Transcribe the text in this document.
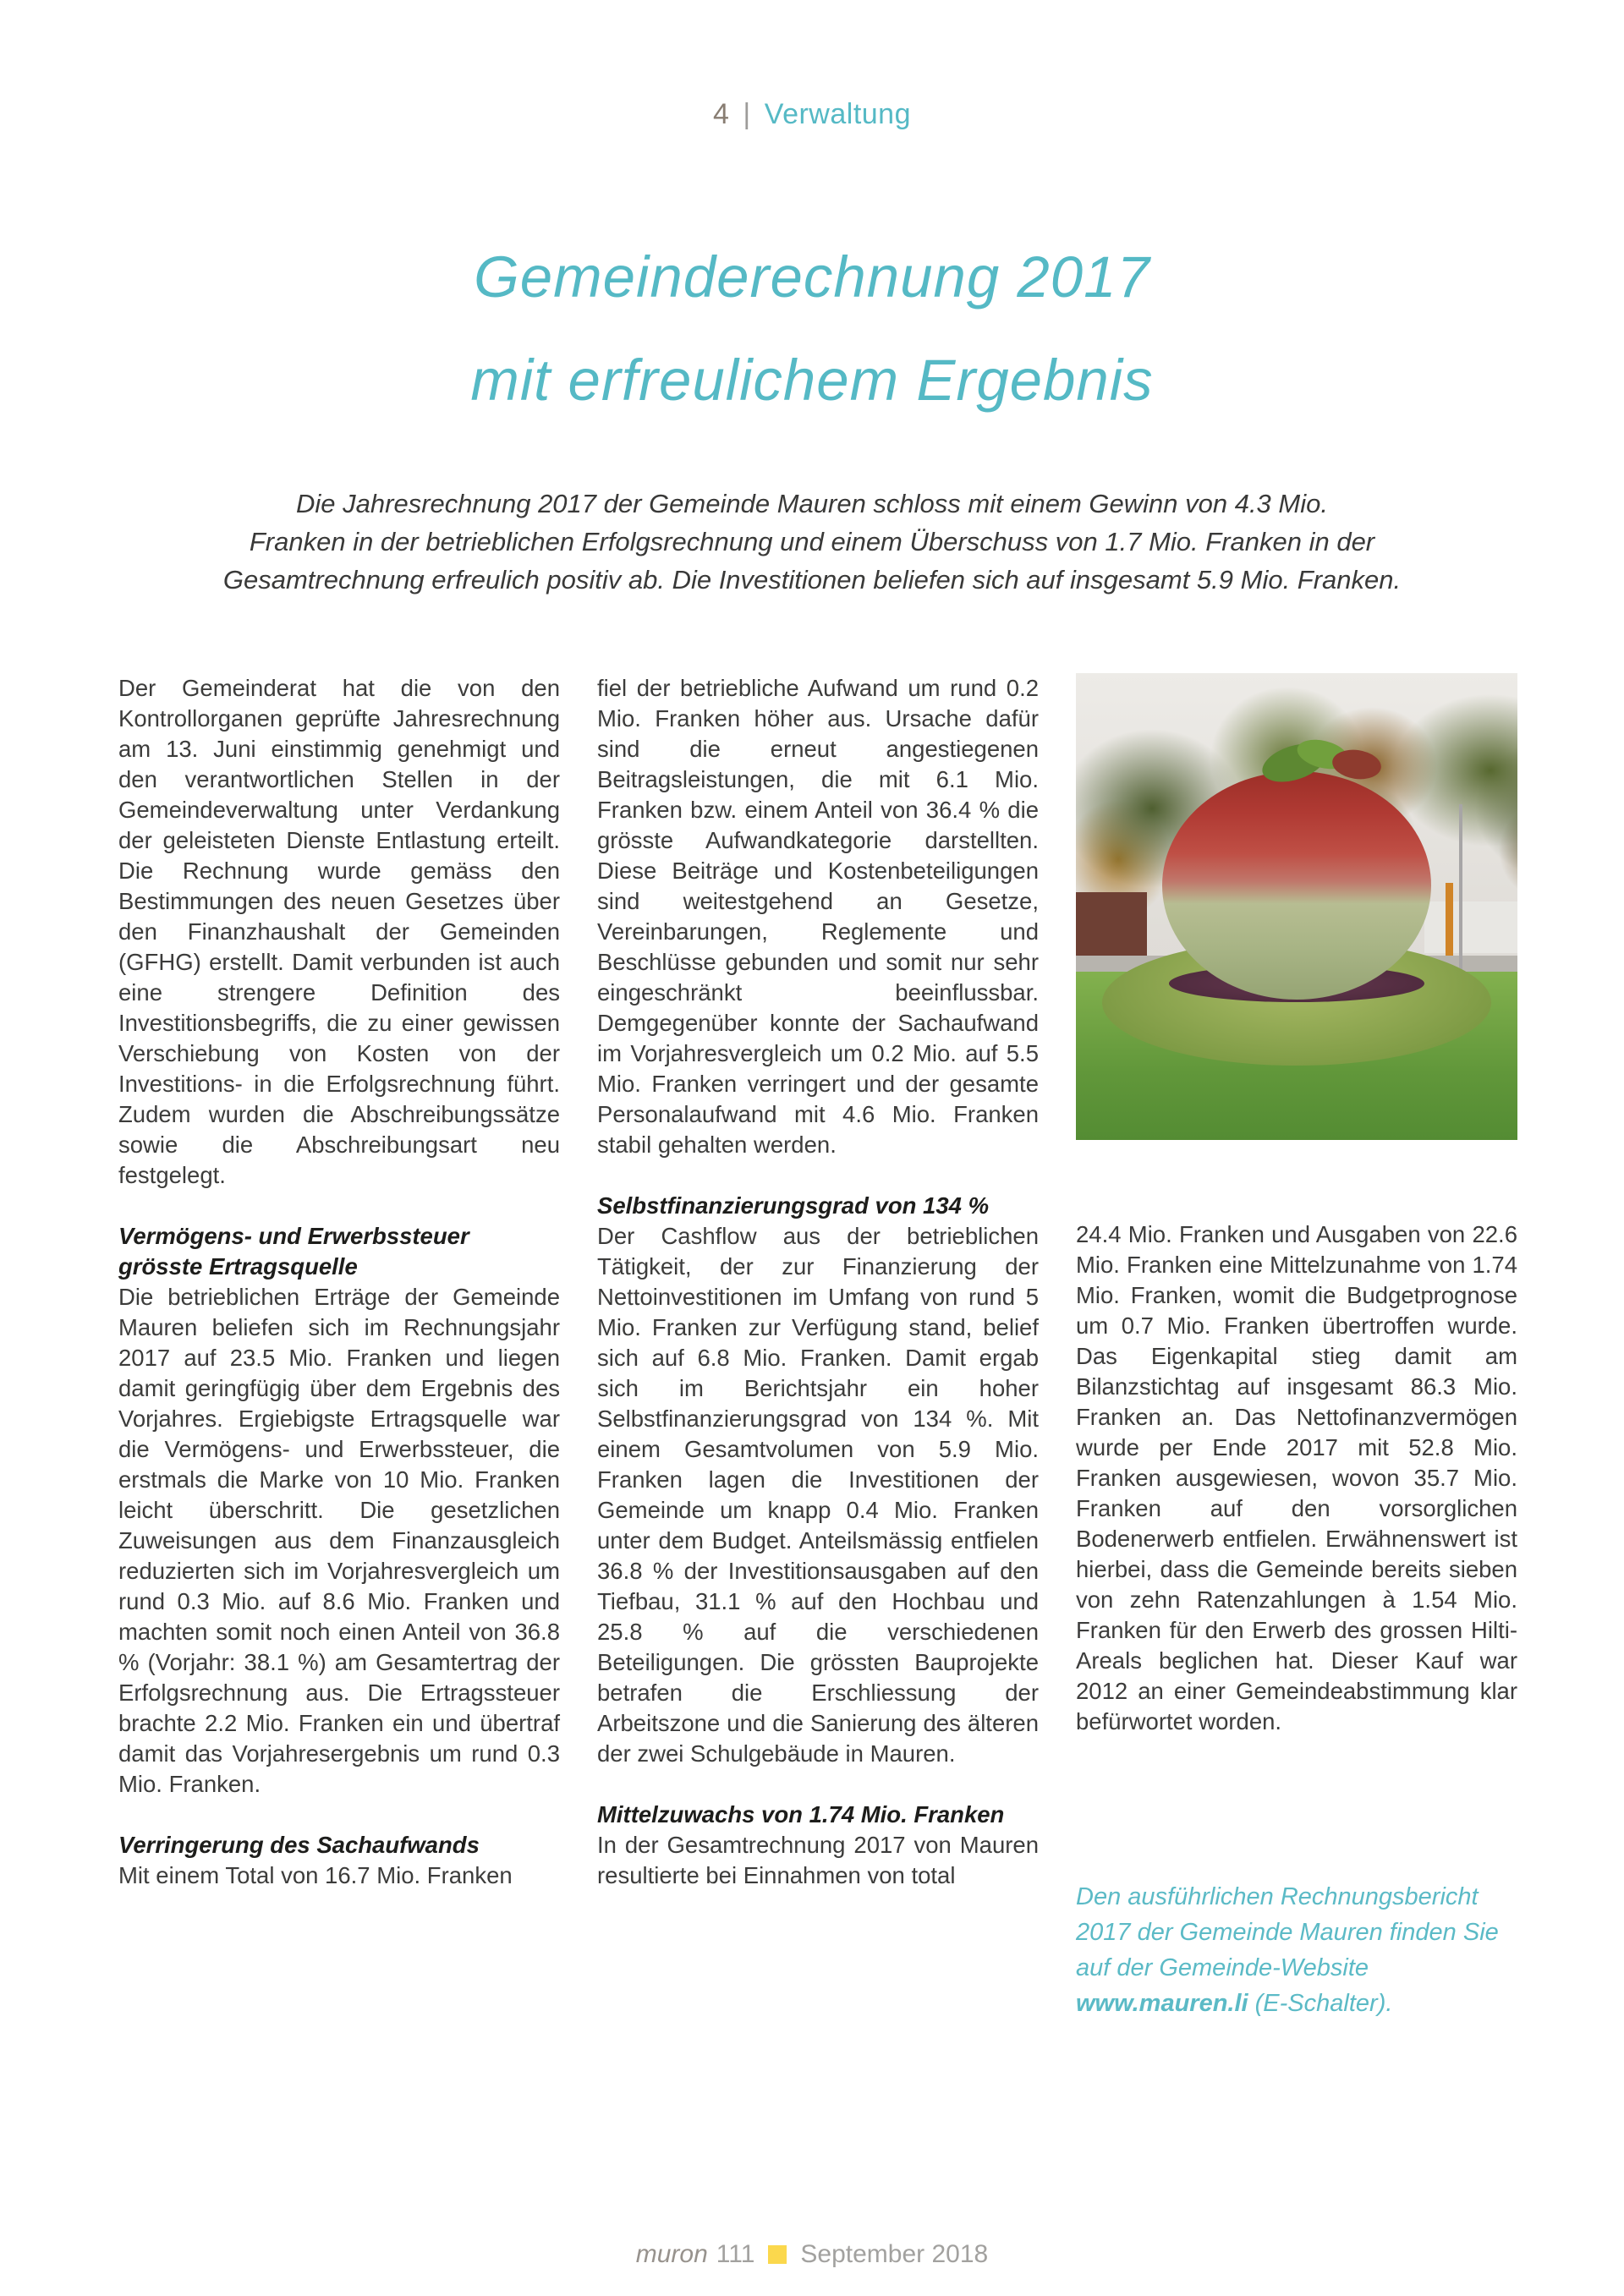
4 | Verwaltung
Gemeinderechnung 2017
mit erfreulichem Ergebnis
Die Jahresrechnung 2017 der Gemeinde Mauren schloss mit einem Gewinn von 4.3 Mio.
Franken in der betrieblichen Erfolgsrechnung und einem Überschuss von 1.7 Mio. Franken in der
Gesamtrechnung erfreulich positiv ab. Die Investitionen beliefen sich auf insgesamt 5.9 Mio. Franken.

Der Gemeinderat hat die von den Kontrollorganen geprüfte Jahresrechnung am 13. Juni einstimmig genehmigt und den verantwortlichen Stellen in der Gemeindeverwaltung unter Verdankung der geleisteten Dienste Entlastung erteilt. Die Rechnung wurde gemäss den Bestimmungen des neuen Gesetzes über den Finanzhaushalt der Gemeinden (GFHG) erstellt. Damit verbunden ist auch eine strengere Definition des Investitionsbegriffs, die zu einer gewissen Verschiebung von Kosten von der Investitions- in die Erfolgsrechnung führt. Zudem wurden die Abschreibungssätze sowie die Abschreibungsart neu festgelegt.

Vermögens- und Erwerbssteuer
grösste Ertragsquelle

Die betrieblichen Erträge der Gemeinde Mauren beliefen sich im Rechnungsjahr 2017 auf 23.5 Mio. Franken und liegen damit geringfügig über dem Ergebnis des Vorjahres. Ergiebigste Ertragsquelle war die Vermögens- und Erwerbssteuer, die erstmals die Marke von 10 Mio. Franken leicht überschritt. Die gesetzlichen Zuweisungen aus dem Finanzausgleich reduzierten sich im Vorjahresvergleich um rund 0.3 Mio. auf 8.6 Mio. Franken und machten somit noch einen Anteil von 36.8 % (Vorjahr: 38.1 %) am Gesamtertrag der Erfolgsrechnung aus. Die Ertragssteuer brachte 2.2 Mio. Franken ein und übertraf damit das Vorjahresergebnis um rund 0.3 Mio. Franken.

Verringerung des Sachaufwands

Mit einem Total von 16.7 Mio. Franken

fiel der betriebliche Aufwand um rund 0.2 Mio. Franken höher aus. Ursache dafür sind die erneut angestiegenen Beitragsleistungen, die mit 6.1 Mio. Franken bzw. einem Anteil von 36.4 % die grösste Aufwandkategorie darstellten. Diese Beiträge und Kostenbeteiligungen sind weitestgehend an Gesetze, Vereinbarungen, Reglemente und Beschlüsse gebunden und somit nur sehr eingeschränkt beeinflussbar. Demgegenüber konnte der Sachaufwand im Vorjahresvergleich um 0.2 Mio. auf 5.5 Mio. Franken verringert und der gesamte Personalaufwand mit 4.6 Mio. Franken stabil gehalten werden.

Selbstfinanzierungsgrad von 134 %

Der Cashflow aus der betrieblichen Tätigkeit, der zur Finanzierung der Nettoinvestitionen im Umfang von rund 5 Mio. Franken zur Verfügung stand, belief sich auf 6.8 Mio. Franken. Damit ergab sich im Berichtsjahr ein hoher Selbstfinanzierungsgrad von 134 %. Mit einem Gesamtvolumen von 5.9 Mio. Franken lagen die Investitionen der Gemeinde um knapp 0.4 Mio. Franken unter dem Budget. Anteilsmässig entfielen 36.8 % der Investitionsausgaben auf den Tiefbau, 31.1 % auf den Hochbau und 25.8 % auf die verschiedenen Beteiligungen. Die grössten Bauprojekte betrafen die Erschliessung der Arbeitszone und die Sanierung des älteren der zwei Schulgebäude in Mauren.

Mittelzuwachs von 1.74 Mio. Franken

In der Gesamtrechnung 2017 von Mauren resultierte bei Einnahmen von total

24.4 Mio. Franken und Ausgaben von 22.6 Mio. Franken eine Mittelzunahme von 1.74 Mio. Franken, womit die Budgetprognose um 0.7 Mio. Franken übertroffen wurde. Das Eigenkapital stieg damit am Bilanzstichtag auf insgesamt 86.3 Mio. Franken an. Das Nettofinanzvermögen wurde per Ende 2017 mit 52.8 Mio. Franken ausgewiesen, wovon 35.7 Mio. Franken auf den vorsorglichen Bodenerwerb entfielen. Erwähnenswert ist hierbei, dass die Gemeinde bereits sieben von zehn Ratenzahlungen à 1.54 Mio. Franken für den Erwerb des grossen Hilti-Areals beglichen hat. Dieser Kauf war 2012 an einer Gemeindeabstimmung klar befürwortet worden.

Den ausführlichen Rechnungsbericht
2017 der Gemeinde Mauren finden Sie
auf der Gemeinde-Website
www.mauren.li (E-Schalter).
muron 111 September 2018
